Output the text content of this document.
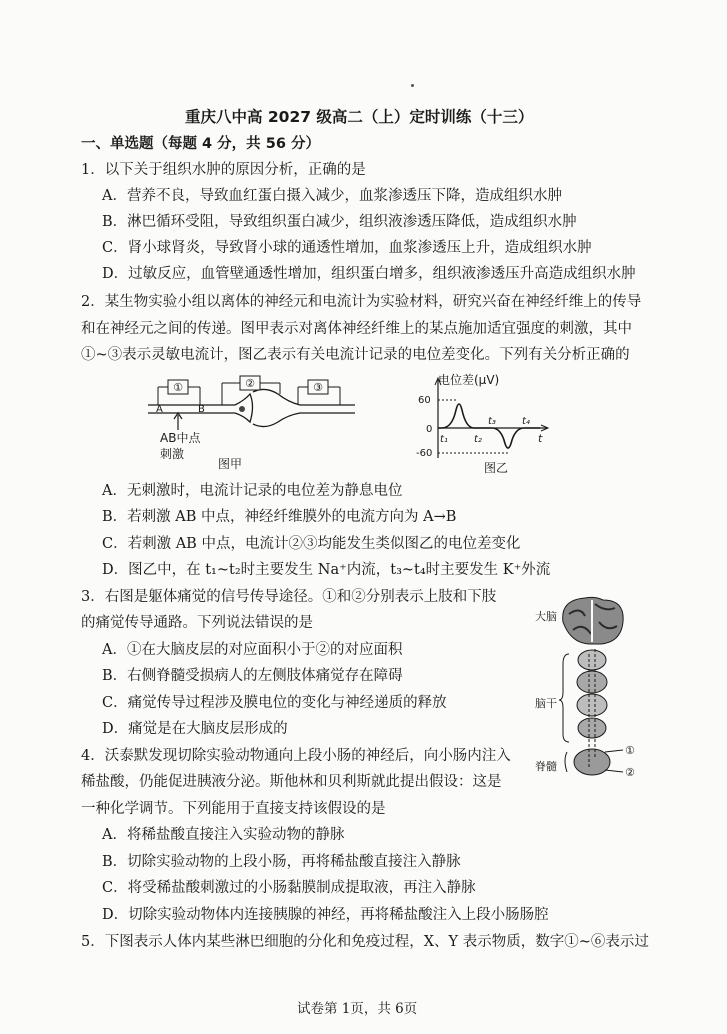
重庆八中高 2027 级高二（上）定时训练（十三）
一、单选题（每题 4 分，共 56 分）
1．以下关于组织水肿的原因分析，正确的是
A．营养不良，导致血红蛋白摄入减少，血浆渗透压下降，造成组织水肿
B．淋巴循环受阻，导致组织蛋白减少，组织液渗透压降低，造成组织水肿
C．肾小球肾炎，导致肾小球的通透性增加，血浆渗透压上升，造成组织水肿
D．过敏反应，血管壁通透性增加，组织蛋白增多，组织液渗透压升高造成组织水肿
2．某生物实验小组以离体的神经元和电流计为实验材料，研究兴奋在神经纤维上的传导
和在神经元之间的传递。图甲表示对离体神经纤维上的某点施加适宜强度的刺激，其中
①~③表示灵敏电流计，图乙表示有关电流计记录的电位差变化。下列有关分析正确的
①
A	B
②	③
AB中点
刺激
图甲
电位差(μV)
60
0
-60
t₁	t₂
t₃	t₄
t
图乙
A．无刺激时，电流计记录的电位差为静息电位
B．若刺激 AB 中点，神经纤维膜外的电流方向为 A→B
C．若刺激 AB 中点，电流计②③均能发生类似图乙的电位差变化
D．图乙中，在 t₁~t₂时主要发生 Na⁺内流，t₃~t₄时主要发生 K⁺外流
3．右图是躯体痛觉的信号传导途径。①和②分别表示上肢和下肢
的痛觉传导通路。下列说法错误的是
A．①在大脑皮层的对应面积小于②的对应面积
B．右侧脊髓受损病人的左侧肢体痛觉存在障碍
C．痛觉传导过程涉及膜电位的变化与神经递质的释放
D．痛觉是在大脑皮层形成的
大脑
脑干
脊髓
①
②
4．沃泰默发现切除实验动物通向上段小肠的神经后，向小肠内注入
稀盐酸，仍能促进胰液分泌。斯他林和贝利斯就此提出假设：这是
一种化学调节。下列能用于直接支持该假设的是
A．将稀盐酸直接注入实验动物的静脉
B．切除实验动物的上段小肠，再将稀盐酸直接注入静脉
C．将受稀盐酸刺激过的小肠黏膜制成提取液，再注入静脉
D．切除实验动物体内连接胰腺的神经，再将稀盐酸注入上段小肠肠腔
5．下图表示人体内某些淋巴细胞的分化和免疫过程，X、Y 表示物质，数字①~⑥表示过
试卷第 1页，共 6页
